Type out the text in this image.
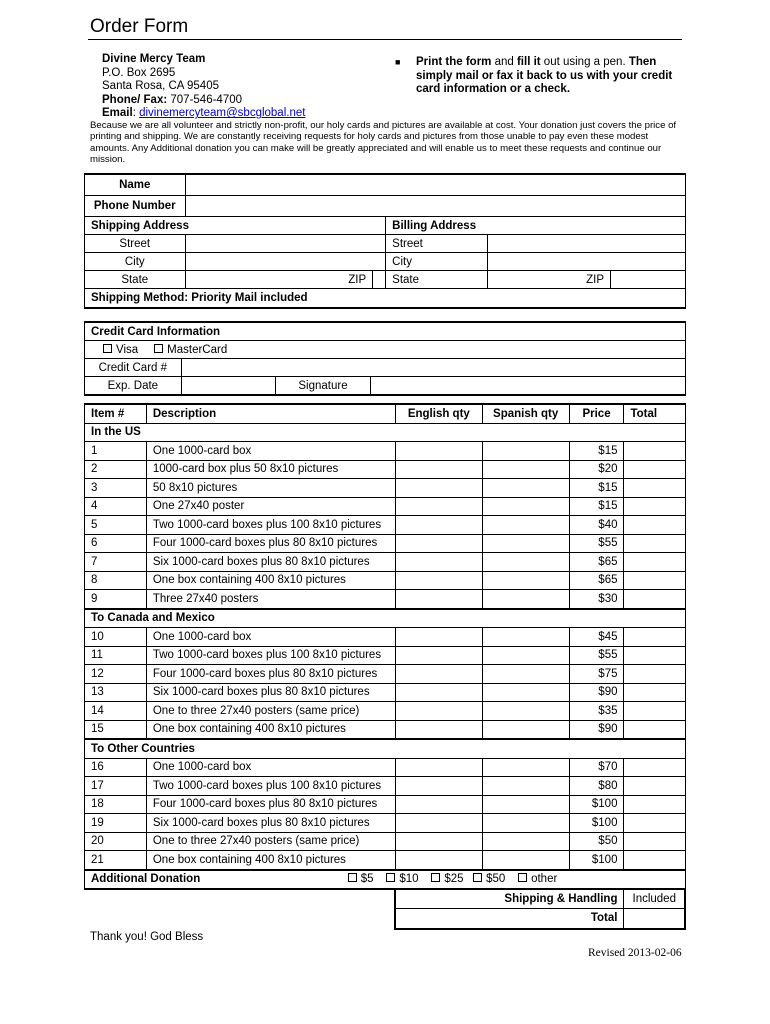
Order Form
Divine Mercy Team
P.O. Box 2695
Santa Rosa, CA 95405
Phone/ Fax: 707-546-4700
Email: divinemercyteam@sbcglobal.net
■ Print the form and fill it out using a pen. Then simply mail or fax it back to us with your credit card information or a check.
Because we are all volunteer and strictly non-profit, our holy cards and pictures are available at cost. Your donation just covers the price of printing and shipping. We are constantly receiving requests for holy cards and pictures from those unable to pay even these modest amounts. Any Additional donation you can make will be greatly appreciated and will enable us to meet these requests and continue our mission.
Name					
Phone Number					
Shipping Address			Billing Address		
Street			Street		
City			City		
State	ZIP		State	ZIP	
Shipping Method: Priority Mail included					
Credit Card Information			
Visa MasterCard			
Credit Card #			
Exp. Date		Signature	
Item #	Description	English qty	Spanish qty	Price	Total
In the US					
1	One 1000-card box			$15	
2	1000-card box plus 50 8x10 pictures			$20	
3	50 8x10 pictures			$15	
4	One 27x40 poster			$15	
5	Two 1000-card boxes plus 100 8x10 pictures			$40	
6	Four 1000-card boxes plus 80 8x10 pictures			$55	
7	Six 1000-card boxes plus 80 8x10 pictures			$65	
8	One box containing 400 8x10 pictures			$65	
9	Three 27x40 posters			$30	
To Canada and Mexico					
10	One 1000-card box			$45	
11	Two 1000-card boxes plus 100 8x10 pictures			$55	
12	Four 1000-card boxes plus 80 8x10 pictures			$75	
13	Six 1000-card boxes plus 80 8x10 pictures			$90	
14	One to three 27x40 posters (same price)			$35	
15	One box containing 400 8x10 pictures			$90	
To Other Countries					
16	One 1000-card box			$70	
17	Two 1000-card boxes plus 100 8x10 pictures			$80	
18	Four 1000-card boxes plus 80 8x10 pictures			$100	
19	Six 1000-card boxes plus 80 8x10 pictures			$100	
20	One to three 27x40 posters (same price)			$50	
21	One box containing 400 8x10 pictures			$100	
Additional Donation $5 $10 $25 $50 other					

		Shipping & Handling			Included
		Total			
Thank you! God Bless
Revised 2013-02-06
